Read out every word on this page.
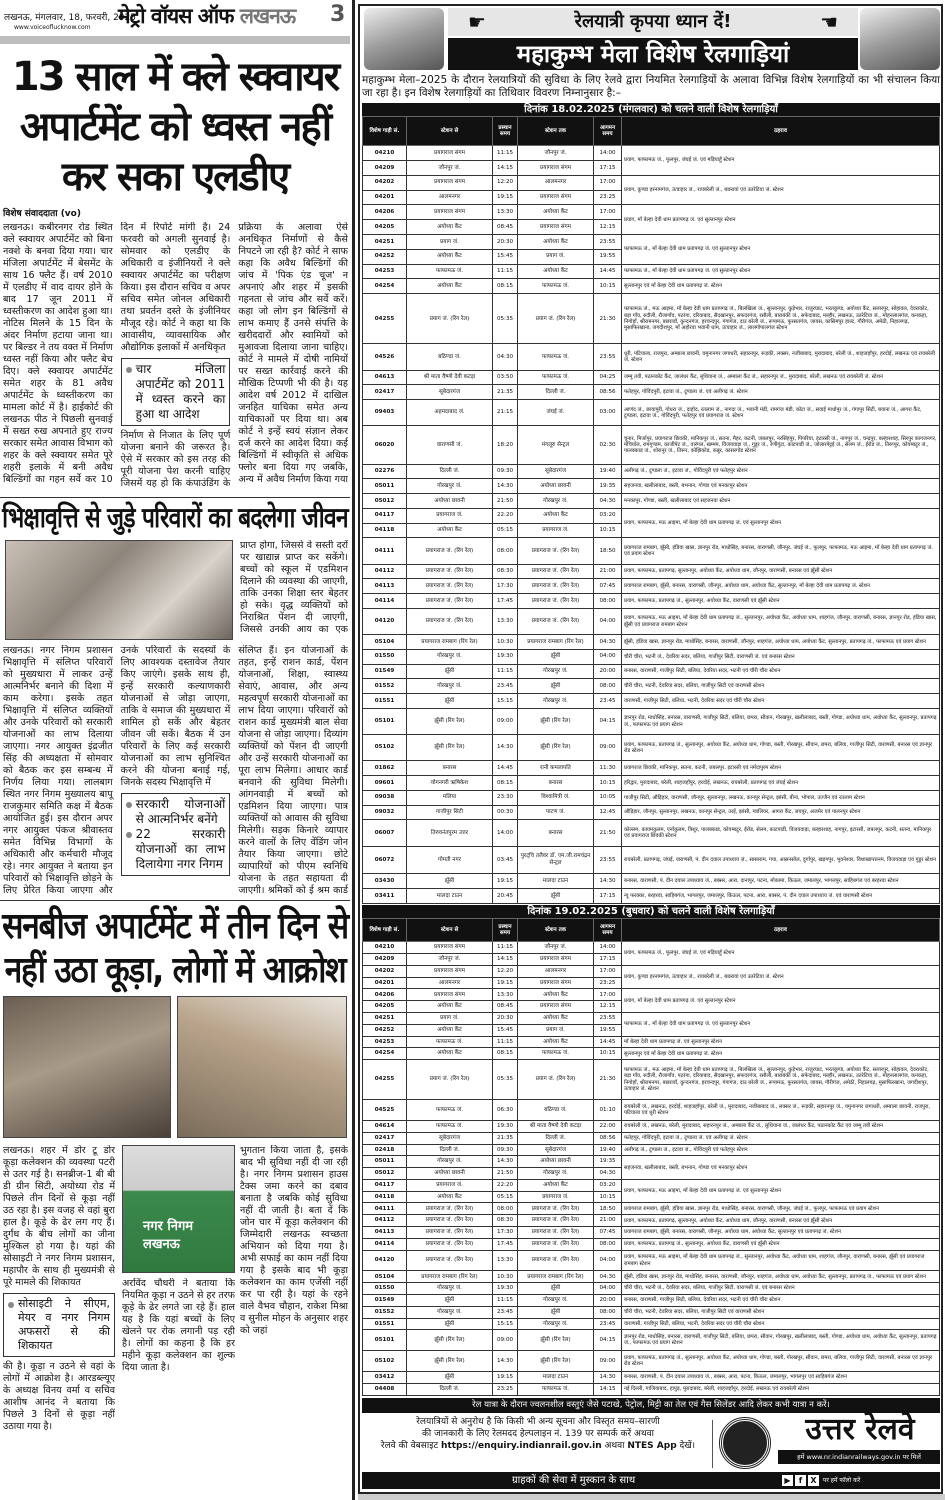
लखनऊ, मंगलवार, 18, फरवरी, 2025
www.voiceoflucknow.com मेट्रो वॉयस ऑफ लखनऊ	3
13 साल में क्ले स्क्वायर अपार्टमेंट को ध्वस्त नहीं कर सका एलडीए
विशेष संवाददाता (vo)

लखनऊ। कबीरनगर रोड स्थित क्ले स्क्वायर अपार्टमेंट को बिना नक्शे के बनवा दिया गया। चार मंजिला अपार्टमेंट में बेसमेंट के साथ 16 फ्लैट हैं। वर्ष 2010 में एलडीए में वाद दायर होने के बाद 17 जून 2011 में ध्वस्तीकरण का आदेश हुआ था। नोटिस मिलने के 15 दिन के अंदर निर्माण हटाया जाना था। पर बिल्डर ने तय वक्त में निर्माण ध्वस्त नहीं किया और फ्लैट बेच दिए। क्ले स्क्वायर अपार्टमेंट समेत शहर के 81 अवैध अपार्टमेंट के ध्वस्तीकरण का मामला कोर्ट में है। हाईकोर्ट की लखनऊ पीठ ने पिछली सुनवाई में सख्त रुख अपनाते हुए राज्य सरकार समेत आवास विभाग को शहर के क्ले स्क्वायर समेत पूरे शहरी इलाके में बनी अवैध बिल्डिंगों का गहन सर्वे कर 10 दिन में रिपोर्ट मांगी है। 24 फरवरी को अगली सुनवाई है। सोमवार को एलडीए के अधिकारी व इंजीनियरों ने क्ले स्क्वायर अपार्टमेंट का परीक्षण किया। इस दौरान सचिव व अपर सचिव समेत जोनल अधिकारी तथा प्रवर्तन दस्ते के इंजीनियर मौजूद रहे। कोर्ट ने कहा था कि आवासीय, व्यावसायिक और औद्योगिक इलाकों में अनधिकृत

चार मंजिला अपार्टमेंट को 2011 में ध्वस्त करने का हुआ था आदेश

निर्माण से निजात के लिए पूर्ण योजना बनाने की जरूरत है। ऐसे में सरकार को इस तरह की पूरी योजना पेश करनी चाहिए जिसमें यह हो कि कंपाउंडिंग के प्रक्रिया के अलावा ऐसे अनधिकृत निर्माणों से कैसे निपटने जा रही है? कोर्ट ने साफ कहा कि अवैध बिल्डिंगों की जांच में 'पिक एंड चूज' न अपनाएं और शहर में इसकी गहनता से जांच और सर्वे करें। कहा जो लोग इन बिल्डिंगों से लाभ कमाए हैं उनसे संपत्ति के खरीददारों और स्वामियों को मुआवजा दिलाया जाना चाहिए। कोर्ट ने मामले में दोषी नामियों पर सख्त कार्रवाई करने की मौखिक टिप्पणी भी की है। यह आदेश वर्ष 2012 में दाखिल जनहित याचिका समेत अन्य याचिकाओं पर दिया था। अब कोर्ट ने इन्हें स्वयं संज्ञान लेकर दर्ज करने का आदेश दिया। कई बिल्डिंगों में स्वीकृति से अधिक फ्लोर बना दिया गए जबकि, अन्य में अवैध निर्माण किया गया

भिक्षावृत्ति से जुड़े परिवारों का बदलेगा जीवन

प्राप्त होगा, जिससे वे सस्ती दरों पर खाद्यान्न प्राप्त कर सकेंगे। बच्चों को स्कूल में एडमिशन दिलाने की व्यवस्था की जाएगी, ताकि उनका शिक्षा स्तर बेहतर हो सके। वृद्ध व्यक्तियों को निराश्रित पेंशन दी जाएगी, जिससे उनकी आय का एक

लखनऊ। नगर निगम प्रशासन भिक्षावृत्ति में संलिप्त परिवारों को मुख्यधारा में लाकर उन्हें आत्मनिर्भर बनाने की दिशा में काम करेगा। इसके तहत भिक्षावृत्ति में संलिप्त व्यक्तियों और उनके परिवारों को सरकारी योजनाओं का लाभ दिलाया जाएगा। नगर आयुक्त इंद्रजीत सिंह की अध्यक्षता में सोमवार को बैठक कर इस सम्बन्ध में निर्णय लिया गया। लालबाग स्थित नगर निगम मुख्यालय बापू राजकुमार समिति कक्ष में बैठक आयोजित हुई। इस दौरान अपर नगर आयुक्त पंकज श्रीवास्तव समेत विभिन्न विभागों के अधिकारी और कर्मचारी मौजूद रहे। नगर आयुक्त ने बताया इन परिवारों को भिक्षावृत्ति छोड़ने के लिए प्रेरित किया जाएगा और उनके परिवारों के सदस्यों के लिए आवश्यक दस्तावेज तैयार किए जाएंगे। इसके साथ ही, इन्हें सरकारी कल्याणकारी योजनाओं से जोड़ा जाएगा, ताकि वे समाज की मुख्यधारा में शामिल हो सकें और बेहतर जीवन जी सकें। बैठक में उन परिवारों के लिए कई सरकारी योजनाओं का लाभ सुनिश्चित करने की योजना बनाई गई, जिनके सदस्य भिक्षावृत्ति में

सरकारी योजनाओं से आत्मनिर्भर बनेंगे
22 सरकारी योजनाओं का लाभ दिलायेगा नगर निगम

संलिप्त हैं। इन योजनाओं के तहत, इन्हें राशन कार्ड, पेंशन योजनाओं, शिक्षा, स्वास्थ्य सेवाएं, आवास, और अन्य महत्वपूर्ण सरकारी योजनाओं का लाभ दिया जाएगा। परिवारों को राशन कार्ड मुख्यमंत्री बाल सेवा योजना से जोड़ा जाएगा। दिव्यांग व्यक्तियों को पेंशन दी जाएगी और उन्हें सरकारी योजनाओं का पूरा लाभ मिलेगा। आधार कार्ड बनवाने की सुविधा मिलेगी। आंगनवाड़ी में बच्चों को एडमिशन दिया जाएगा। पात्र व्यक्तियों को आवास की सुविधा मिलेगी। सड़क किनारे व्यापार करने वालों के लिए वेंडिंग जोन तैयार किया जाएगा। छोटे व्यापारियों को पीएम स्वनिधि योजना के तहत सहायता दी जाएगी। श्रमिकों को ई श्रम कार्ड

सनबीज अपार्टमेंट में तीन दिन से नहीं उठा कूड़ा, लोगों में आक्रोश

लखनऊ। शहर में डोर टू डोर कूड़ा कलेक्शन की व्यवस्था पटरी से उतर गई है। सनब्रीज-1 बी बी डी ग्रीन सिटी, अयोध्या रोड में पिछले तीन दिनों से कूड़ा नहीं उठ रहा है। इस वजह से वहां बुरा हाल है। कूड़े के ढेर लग गए हैं। दुर्गंध के बीच लोगों का जीना मुश्किल हो गया है। यहां की सोसाइटी ने नगर निगम प्रशासन, महापौर के साथ ही मुख्यमंत्री से पूरे मामले की शिकायत

सोसाइटी ने सीएम, मेयर व नगर निगम अफसरों से की शिकायत

की है। कूड़ा न उठने से वहां के लोगों में आक्रोश है। आरडब्ल्यूए के अध्यक्ष विनय वर्मा व सचिव आशीष आनंद ने बताया कि पिछले 3 दिनों से कूड़ा नहीं उठाया गया है।

नगर निगम लखनऊ

अरविंद चौधरी ने बताया कि नियमित कूड़ा न उठने से हर तरफ कूड़े के ढेर लगते जा रहे हैं। हाल यह है कि यहां बच्चों के लिए खेलने पर रोक लगानी पड़ रही है। लोगों का कहना है कि हर महीने कूड़ा कलेक्शन का शुल्क दिया जाता है।

भुगतान किया जाता है, इसके बाद भी सुविधा नहीं दी जा रही है। नगर निगम प्रशासन हाउस टैक्स जमा करने का दबाव बनाता है जबकि कोई सुविधा नहीं दी जाती है। बता दें कि जोन चार में कूड़ा कलेक्शन की जिम्मेदारी लखनऊ स्वच्छता अभियान को दिया गया है। अभी सफाई का काम नहीं दिया गया है इसके बाद भी कूड़ा कलेक्शन का काम एजेंसी नहीं कर पा रही है। यहां के रहने वाले वैभव चौहान, राकेश मिश्रा व सुनील मोहन के अनुसार शहर को जहां

☛	रेलयात्री कृपया ध्यान दें!	☚
महाकुम्भ मेला विशेष रेलगाड़ियां

महाकुम्भ मेला–2025 के दौरान रेलयात्रियों की सुविधा के लिए रेलवे द्वारा नियमित रेलगाड़ियों के अलावा विभिन्न विशेष रेलगाड़ियों का भी संचालन किया जा रहा है। इन विशेष रेलगाड़ियों का तिथिवार विवरण निम्नानुसार है:–

दिनांक 18.02.2025 (मंगलवार) को चलने वाली विशेष रेलगाड़ियाँ
विशेष गाड़ी सं.	स्टेशन से	प्रस्थान समय	स्टेशन तक	आगमन समय	ठहराव
04210	प्रयागराज संगम	11:15	जौनपुर जं.	14:00	प्रयाग, फाफामऊ जं., फूलपुर, जंघई जं. एवं मड़ियाहूँ स्टेशन
04209	जौनपुर जं.	14:15	प्रयागराज संगम	17:15	
04202	प्रयागराज संगम	12:20	आलमनगर	17:00	प्रयाग, कुण्डा हरनामगंज, ऊंचाहार जं., रायबरेली जं., बछरावां एवं उतरेटिया जं. स्टेशन
04201	आलमनगर	19:15	प्रयागराज संगम	23:25	
04206	प्रयागराज संगम	13:30	अयोध्या कैंट	17:00	प्रयाग, माँ बेल्हा देवी धाम प्रतापगढ़ जं. एवं सुल्तानपुर स्टेशन
04205	अयोध्या कैंट	08:45	प्रयागराज संगम	12:15	
04251	प्रयाग जं.	20:30	अयोध्या कैंट	23:55	फाफामऊ जं., माँ बेल्हा देवी धाम प्रतापगढ़ जं. एवं सुल्तानपुर स्टेशन
04252	अयोध्या कैंट	15:45	प्रयाग जं.	19:55	
04253	फाफामऊ जं.	11:15	अयोध्या कैंट	14:45	फाफामऊ जं., माँ बेल्हा देवी धाम प्रतापगढ़ जं. एवं सुल्तानपुर स्टेशन
04254	अयोध्या कैंट	08:15	फाफामऊ जं.	10:15	सुल्तानपुर एवं माँ बेल्हा देवी धाम प्रतापगढ़ जं. स्टेशन
04255	प्रयाग जं. (रिंग रेल)	05:35	प्रयाग जं. (रिंग रेल)	21:30	फाफामऊ जं., मऊ आइमा, माँ बेल्हा देवी धाम प्रतापगढ़ जं., बिलखिला जं., सुल्तानपुर, कुड़ेभार, राजुरघाट, भरतकुण्ड, अयोध्या कैंट, सलारपुर, सोहावल, देवराकोट, बड़ा गाँव, रुदौली, रौजागाँव, पटरंगा, दरियाबाद, सैदखानपुर, सफदरगंज, रसौली, बाराबंकी जं., सफेदाबाद, मल्हौर, लखनऊ, उतरेटिया जं., मोहनलालगंज, कनकहा, निगोहाँ, श्रीरामनगर, बछरावाँ, कुन्दनगंज, हरचन्दपुर, गंगागंज, दाउ बरेली जं., रूपामऊ, फुरसतगंज, जायस, कासिमपुर हाल्ट, गौरीगंज, अमेठी, निहालगढ़, मुसाफिरखाना, जगदीशपुर, माँ अहोरवा भवानी धाम, ऊंचाहार जं., लालगोपालगंज स्टेशन
04526	बठिण्डा जं.	04:30	फाफामऊ जं.	23:55	धूरी, पटियाला, राजपुरा, अम्बाला छावनी, यमुनानगर जगाधरी, सहारनपुर, रूड़की, लक्सर, नजीबाबाद, मुरादाबाद, बरेली जं., शाहजहाँपुर, हरदोई, लखनऊ एवं रायबरेली जं. स्टेशन
04613	श्री माता वैष्णो देवी कटड़ा	03:50	फाफामऊ जं.	04:25	जम्मू तवी, पठानकोट कैंट, जालंधर कैंट, लुधियाना जं., अम्बाला कैंट जं., सहारनपुर जं., मुरादाबाद, बरेली, लखनऊ एवं रायबरेली जं. स्टेशन
02417	सूबेदारगंज	21:35	दिल्ली जं.	08:56	फतेहपुर, गोविंदपुरी, इटावा जं., टूण्डला जं. एवं अलीगढ़ जं. स्टेशन
09403	अहमदाबाद जं.	21:15	जंघई जं.	03:00	आणंद जं., छायापुरी, गोधरा जं., दाहोद, रतलाम जं., नागदा जं., भवानी मंडी, रामगंज मंडी, कोटा जं., सवाई माधोपुर जं., गंगापुर सिटी, बयाना जं., आगरा कैंट, टूण्डला, इटावा जं., गोविंदपुरी, फतेहपुर एवं प्रयागराज जं. स्टेशन
06020	वाराणसी जं.	18:20	मंगलूरु सेन्ट्रल	02:30	चुनार, मिर्जापुर, प्रयागराज छिवकी, मानिकपुर जं., सतना, मैहर, कटनी, जबलपुर, नरसिंहपुर, पिपरिया, इटारसी जं., नागपुर जं., चन्द्रपुर, बल्हारशाह, सिरपुर कागजनगर, मंचिर्याल, रामगुण्डम, काजीपेट जं., वारंगल, खम्मम, विजयवाड़ा जं., गुडूर जं., रेणीगुंटा, काटपाडी जं., जोलारपेट्टई जं., सेलम जं., ईरोड जं., तिरुप्पुर, कोयम्बटूर जं., पालक्काड जं., शोरानूर जं., तिरूर, कोझिकोड, कन्नूर, कासरगोड स्टेशन
02276	दिल्ली जं.	09:30	सूबेदारगंज	19:40	अलीगढ़ जं., टूण्डला जं., इटावा जं., गोविंदपुरी एवं फतेहपुर स्टेशन
05011	गोरखपुर जं.	14:30	अयोध्या छावनी	19:35	सहजनवा, खलीलाबाद, बस्ती, बभनान, गोण्डा एवं मनकापुर स्टेशन
05012	अयोध्या छावनी	21:50	गोरखपुर जं.	04:30	मनकापुर, गोण्डा, बस्ती, खलीलाबाद एवं सहजनवा स्टेशन
04117	प्रयागराज जं.	22:20	अयोध्या कैंट	03:20	प्रयाग, फाफामऊ, मऊ आइमा, माँ बेल्हा देवी धाम प्रतापगढ़ जं. एवं सुल्तानपुर स्टेशन
04118	अयोध्या कैंट	05:15	प्रयागराज जं.	10:15	
04111	प्रयागराज जं. (रिंग रेल)	08:00	प्रयागराज जं. (रिंग रेल)	18:50	प्रयागराज रामबाग, झूँसी, हंडिया खास, ज्ञानपुर रोड, माधोसिंह, बनारस, वाराणसी, जौनपुर, जंघई जं., फूलपुर, फाफामऊ, मऊ आइमा, माँ बेल्हा देवी धाम प्रतापगढ़ जं. एवं प्रयाग स्टेशन
04112	प्रयागराज जं. (रिंग रेल)	08:30	प्रयागराज जं. (रिंग रेल)	21:00	प्रयाग, फाफामऊ, प्रतापगढ़, सुल्तानपुर, अयोध्या कैंट, अयोध्या धाम, जौनपुर, वाराणसी, बनारस एवं झूँसी स्टेशन
04113	प्रयागराज जं. (रिंग रेल)	17:30	प्रयागराज जं. (रिंग रेल)	07:45	प्रयागराज रामबाग, झूँसी, बनारस, वाराणसी, जौनपुर, अयोध्या धाम, अयोध्या कैंट, सुल्तानपुर, माँ बेल्हा देवी धाम प्रतापगढ़ जं. स्टेशन
04114	प्रयागराज जं. (रिंग रेल)	17:45	प्रयागराज जं. (रिंग रेल)	08:00	प्रयाग, फाफामऊ, प्रतापगढ़ जं., सुल्तानपुर, अयोध्या कैंट, वाराणसी एवं झूँसी स्टेशन
04120	प्रयागराज जं. (रिंग रेल)	13:30	प्रयागराज जं. (रिंग रेल)	04:00	प्रयाग, फाफामऊ, मऊ आइमा, माँ बेल्हा देवी धाम प्रतापगढ़ जं., सुल्तानपुर, अयोध्या कैंट, अयोध्या धाम, शाहगंज, जौनपुर, वाराणसी, बनारस, ज्ञानपुर रोड, हंडिया खास, झूँसी एवं प्रयागराज रामबाग स्टेशन
05104	प्रयागराज रामबाग (रिंग रेल)	10:30	प्रयागराज रामबाग (रिंग रेल)	04:30	झूँसी, हंडिया खास, ज्ञानपुर रोड, माधोसिंह, बनारस, वाराणसी, जौनपुर, शाहगंज, अयोध्या धाम, अयोध्या कैंट, सुल्तानपुर, प्रतापगढ़ जं., फाफामऊ एवं प्रयाग स्टेशन
01550	गोरखपुर जं.	19:30	झूँसी	04:00	चौरी चौरा, भटनी जं., देवरिया सदर, बलिया, गाजीपुर सिटी, वाराणसी जं. एवं बनारस स्टेशन
01549	झूँसी	11:15	गोरखपुर जं.	20:00	बनारस, वाराणसी, गाजीपुर सिटी, बलिया, देवरिया सदर, भटनी एवं चौरी चौरा स्टेशन
01552	गोरखपुर जं.	23:45	झूँसी	08:00	चौरी चौरा, भटनी, देवरिया सदर, बलिया, गाजीपुर सिटी एवं वाराणसी स्टेशन
01551	झूँसी	15:15	गोरखपुर जं.	23:45	वाराणसी, गाजीपुर सिटी, बलिया, भटनी, देवरिया सदर एवं चौरी चौरा स्टेशन
05101	झूँसी (रिंग रेल)	09:00	झूँसी (रिंग रेल)	04:15	ज्ञानपुर रोड, माधोसिंह, बनारस, वाराणसी, गाजीपुर सिटी, बलिया, छपरा, सीवान, गोरखपुर, खलीलाबाद, बस्ती, गोण्डा, अयोध्या धाम, अयोध्या कैंट, सुल्तानपुर, प्रतापगढ़ जं., फाफामऊ एवं प्रयाग स्टेशन
05102	झूँसी (रिंग रेल)	14:30	झूँसी (रिंग रेल)	09:00	प्रयाग, फाफामऊ, प्रतापगढ़ जं., सुल्तानपुर, अयोध्या कैंट, अयोध्या धाम, गोण्डा, बस्ती, गोरखपुर, सीवान, छपरा, बलिया, गाजीपुर सिटी, वाराणसी, बनारस एवं ज्ञानपुर रोड स्टेशन
01862	बनारस	14:45	रानी कमलापति	11:30	प्रयागराज छिवकी, मानिकपुर, सतना, कटनी, जबलपुर, इटारसी एवं नर्मदापुरम स्टेशन
09601	योगनगरी ऋषिकेश	08:15	बनारस	10:15	हरिद्वार, मुरादाबाद, बरेली, शाहजहाँपुर, हरदोई, लखनऊ, रायबरेली, प्रतापगढ़ एवं जंघई स्टेशन
09038	मलिया	23:30	विश्वामित्री जं.	10:05	गाजीपुर सिटी, औड़िहार, वाराणसी, जौनपुर, सुल्तानपुर, लखनऊ, कानपुर सेन्ट्रल, झांसी, बीना, भोपाल, उज्जैन एवं रतलाम स्टेशन
09032	गाजीपुर सिटी	00:30	पाटण जं.	12:45	औड़िहार, जौनपुर, सुल्तानपुर, लखनऊ, कानपुर सेन्ट्रल, उरई, झांसी, ग्वालियर, आगरा कैंट, जयपुर, अजमेर एवं पालनपुर स्टेशन
06007	तिरुवनंतपुरम उत्तर	14:00	बनारस	21:50	कोल्लम, कायमकुलम, एर्नाकुलम, त्रिशूर, पालक्काड, कोयम्बटूर, ईरोड, सेलम, काटपाडी, विजयवाड़ा, बल्हारशाह, नागपुर, इटारसी, जबलपुर, कटनी, सतना, मानिकपुर एवं प्रयागराज छिवकी स्टेशन
06072	गोमती नगर	03:45	पुरट्चि तलैवर डॉ. एम.जी.रामचंद्रन सेन्ट्रल	23:55	रायबरेली, प्रतापगढ़, जंघई, वाराणसी, पं. दीन दयाल उपाध्याय जं., सासाराम, गया, आसनसोल, दुर्गापुर, खड़गपुर, भुवनेश्वर, विशाखापत्तनम, विजयवाड़ा एवं गुडूर स्टेशन
03430	झूँसी	19:15	मालदा टाउन	14:30	बनारस, वाराणसी, पं. दीन दयाल उपाध्याय जं., बक्सर, आरा, दानापुर, पटना, मोकामा, किऊल, जमालपुर, भागलपुर, साहिबगंज एवं बरहरवा स्टेशन
03411	मालदा टाउन	20:45	झूँसी	17:15	न्यू फरक्का, बरहरवा, साहिबगंज, भागलपुर, जमालपुर, किऊल, पटना, आरा, बक्सर, पं. दीन दयाल उपाध्याय जं. एवं वाराणसी स्टेशन
दिनांक 19.02.2025 (बुधवार) को चलने वाली विशेष रेलगाड़ियाँ
विशेष गाड़ी सं.	स्टेशन से	प्रस्थान समय	स्टेशन तक	आगमन समय	ठहराव
04210	प्रयागराज संगम	11:15	जौनपुर जं.	14:00	प्रयाग, फाफामऊ जं., फूलपुर, जंघई जं. एवं मड़ियाहूँ स्टेशन
04209	जौनपुर जं.	14:15	प्रयागराज संगम	17:15	
04202	प्रयागराज संगम	12:20	आलमनगर	17:00	प्रयाग, कुण्डा हरनामगंज, ऊंचाहार जं., रायबरेली जं., बछरावां एवं उतरेटिया जं. स्टेशन
04201	आलमनगर	19:15	प्रयागराज संगम	23:25	
04206	प्रयागराज संगम	13:30	अयोध्या कैंट	17:00	प्रयाग, माँ बेल्हा देवी धाम प्रतापगढ़ जं. एवं सुल्तानपुर स्टेशन
04205	अयोध्या कैंट	08:45	प्रयागराज संगम	12:15	
04251	प्रयाग जं.	20:30	अयोध्या कैंट	23:55	फाफामऊ जं., माँ बेल्हा देवी धाम प्रतापगढ़ जं. एवं सुल्तानपुर स्टेशन
04252	अयोध्या कैंट	15:45	प्रयाग जं.	19:55	
04253	फाफामऊ जं.	11:15	अयोध्या कैंट	14:45	माँ बेल्हा देवी धाम प्रतापगढ़ जं. एवं सुल्तानपुर स्टेशन
04254	अयोध्या कैंट	08:15	फाफामऊ जं.	10:15	सुल्तानपुर एवं माँ बेल्हा देवी धाम प्रतापगढ़ जं. स्टेशन
04255	प्रयाग जं. (रिंग रेल)	05:35	प्रयाग जं. (रिंग रेल)	21:30	फाफामऊ जं., मऊ आइमा, माँ बेल्हा देवी धाम प्रतापगढ़ जं., बिलखिला जं., सुल्तानपुर, कुड़ेभार, राजुरघाट, भरतकुण्ड, अयोध्या कैंट, सलारपुर, सोहावल, देवराकोट, बड़ा गाँव, रुदौली, रौजागाँव, पटरंगा, दरियाबाद, सैदखानपुर, सफदरगंज, रसौली, बाराबंकी जं., सफेदाबाद, मल्हौर, लखनऊ, उतरेटिया जं., मोहनलालगंज, कनकहा, निगोहाँ, श्रीरामनगर, बछरावाँ, कुन्दनगंज, हरचन्दपुर, गंगागंज, दाउ बरेली जं., रूपामऊ, फुरसतगंज, जायस, गौरीगंज, अमेठी, निहालगढ़, मुसाफिरखाना, जगदीशपुर, ऊंचाहार जं. स्टेशन
04525	फाफामऊ जं.	06:30	बठिण्डा जं.	01:10	रायबरेली जं., लखनऊ, हरदोई, शाहजहाँपुर, बरेली जं., मुरादाबाद, नजीबाबाद जं., लक्सर जं., रूड़की, सहारनपुर जं., यमुनानगर जगाधरी, अम्बाला छावनी, राजपुरा, पटियाला एवं धूरी स्टेशन
04614	फाफामऊ जं.	19:30	श्री माता वैष्णो देवी कटड़ा	22:00	रायबरेली जं., लखनऊ, बरेली, मुरादाबाद, सहारनपुर जं., अम्बाला कैंट जं., लुधियाना जं., जालंधर कैंट, पठानकोट कैंट एवं जम्मू तवी स्टेशन
02417	सूबेदारगंज	21:35	दिल्ली जं.	08:56	फतेहपुर, गोविंदपुरी, इटावा जं., टूण्डला जं. एवं अलीगढ़ जं. स्टेशन
02418	दिल्ली जं.	09:30	सूबेदारगंज	19:40	अलीगढ़ जं., टूण्डला जं., इटावा जं., गोविंदपुरी एवं फतेहपुर स्टेशन
05011	गोरखपुर जं.	14:30	अयोध्या छावनी	19:35	सहजनवा, खलीलाबाद, बस्ती, बभनान, गोण्डा एवं मनकापुर स्टेशन
05012	अयोध्या छावनी	21:50	गोरखपुर जं.	04:30	
04117	प्रयागराज जं.	22:20	अयोध्या कैंट	03:20	प्रयाग, फाफामऊ, मऊ आइमा, माँ बेल्हा देवी धाम प्रतापगढ़ जं. एवं सुल्तानपुर स्टेशन
04118	अयोध्या कैंट	05:15	प्रयागराज जं.	10:15	
04111	प्रयागराज जं. (रिंग रेल)	08:00	प्रयागराज जं. (रिंग रेल)	18:50	प्रयागराज रामबाग, झूँसी, हंडिया खास, ज्ञानपुर रोड, माधोसिंह, बनारस, वाराणसी, जौनपुर, जंघई जं., फूलपुर, फाफामऊ एवं प्रयाग स्टेशन
04112	प्रयागराज जं. (रिंग रेल)	08:30	प्रयागराज जं. (रिंग रेल)	21:00	प्रयाग, फाफामऊ, प्रतापगढ़, सुल्तानपुर, अयोध्या कैंट, अयोध्या धाम, जौनपुर, वाराणसी, बनारस एवं झूँसी स्टेशन
04113	प्रयागराज जं. (रिंग रेल)	17:30	प्रयागराज जं. (रिंग रेल)	07:45	प्रयागराज रामबाग, झूँसी, बनारस, वाराणसी, जौनपुर, अयोध्या धाम, अयोध्या कैंट, सुल्तानपुर एवं प्रतापगढ़ जं. स्टेशन
04114	प्रयागराज जं. (रिंग रेल)	17:45	प्रयागराज जं. (रिंग रेल)	08:00	प्रयाग, फाफामऊ, प्रतापगढ़ जं., सुल्तानपुर, अयोध्या कैंट, वाराणसी एवं झूँसी स्टेशन
04120	प्रयागराज जं. (रिंग रेल)	13:30	प्रयागराज जं. (रिंग रेल)	04:00	प्रयाग, फाफामऊ, मऊ आइमा, माँ बेल्हा देवी धाम प्रतापगढ़ जं., सुल्तानपुर, अयोध्या कैंट, अयोध्या धाम, शाहगंज, जौनपुर, वाराणसी, बनारस, झूँसी एवं प्रयागराज रामबाग स्टेशन
05104	प्रयागराज रामबाग (रिंग रेल)	10:30	प्रयागराज रामबाग (रिंग रेल)	04:30	झूँसी, हंडिया खास, ज्ञानपुर रोड, माधोसिंह, बनारस, वाराणसी, जौनपुर, शाहगंज, अयोध्या धाम, अयोध्या कैंट, सुल्तानपुर, प्रतापगढ़ जं., फाफामऊ एवं प्रयाग स्टेशन
01550	गोरखपुर जं.	19:30	झूँसी	04:00	चौरी चौरा, भटनी जं., देवरिया सदर, बलिया, गाजीपुर सिटी, वाराणसी जं. एवं बनारस स्टेशन
01549	झूँसी	11:15	गोरखपुर जं.	20:00	बनारस, वाराणसी, गाजीपुर सिटी, बलिया, देवरिया सदर, भटनी एवं चौरी चौरा स्टेशन
01552	गोरखपुर जं.	23:45	झूँसी	08:00	चौरी चौरा, भटनी, देवरिया सदर, बलिया, गाजीपुर सिटी एवं वाराणसी स्टेशन
01551	झूँसी	15:15	गोरखपुर जं.	23:45	वाराणसी, गाजीपुर सिटी, बलिया, भटनी, देवरिया सदर एवं चौरी चौरा स्टेशन
05101	झूँसी (रिंग रेल)	09:00	झूँसी (रिंग रेल)	04:15	ज्ञानपुर रोड, माधोसिंह, बनारस, वाराणसी, गाजीपुर सिटी, बलिया, छपरा, सीवान, गोरखपुर, खलीलाबाद, बस्ती, गोण्डा, अयोध्या धाम, अयोध्या कैंट, सुल्तानपुर, प्रतापगढ़ जं., फाफामऊ एवं प्रयाग स्टेशन
05102	झूँसी (रिंग रेल)	14:30	झूँसी (रिंग रेल)	09:00	प्रयाग, फाफामऊ, प्रतापगढ़ जं., सुल्तानपुर, अयोध्या कैंट, अयोध्या धाम, गोण्डा, बस्ती, गोरखपुर, सीवान, छपरा, बलिया, गाजीपुर सिटी, वाराणसी, बनारस एवं ज्ञानपुर रोड स्टेशन
03412	झूँसी	19:15	मालदा टाउन	14:30	बनारस, वाराणसी, पं. दीन दयाल उपाध्याय जं., बक्सर, आरा, पटना, किऊल, जमालपुर, भागलपुर एवं साहिबगंज स्टेशन
04408	दिल्ली जं.	23:25	फाफामऊ जं.	14:15	नई दिल्ली, गाजियाबाद, हापुड़, मुरादाबाद, बरेली, शाहजहाँपुर, हरदोई, लखनऊ एवं रायबरेली स्टेशन
रेल यात्रा के दौरान ज्वलनशील वस्तुएं जैसे पटाखे, पेट्रोल, मिट्टी का तेल एवं गैस सिलेंडर आदि लेकर कभी यात्रा न करें।
रेलयात्रियों से अनुरोध है कि किसी भी अन्य सूचना और विस्तृत समय–सारणी
की जानकारी के लिए रेलमदद हेल्पलाइन नं. 139 पर सम्पर्क करें अथवा
रेलवे की वेबसाइट https://enquiry.indianrail.gov.in अथवा NTES App देखें।	उत्तर रेलवे
हमें www.nr.indianrailways.gov.in पर मिलें
ग्राहकों की सेवा में मुस्कान के साथ	▶ f X पर हमें फॉलो करें
